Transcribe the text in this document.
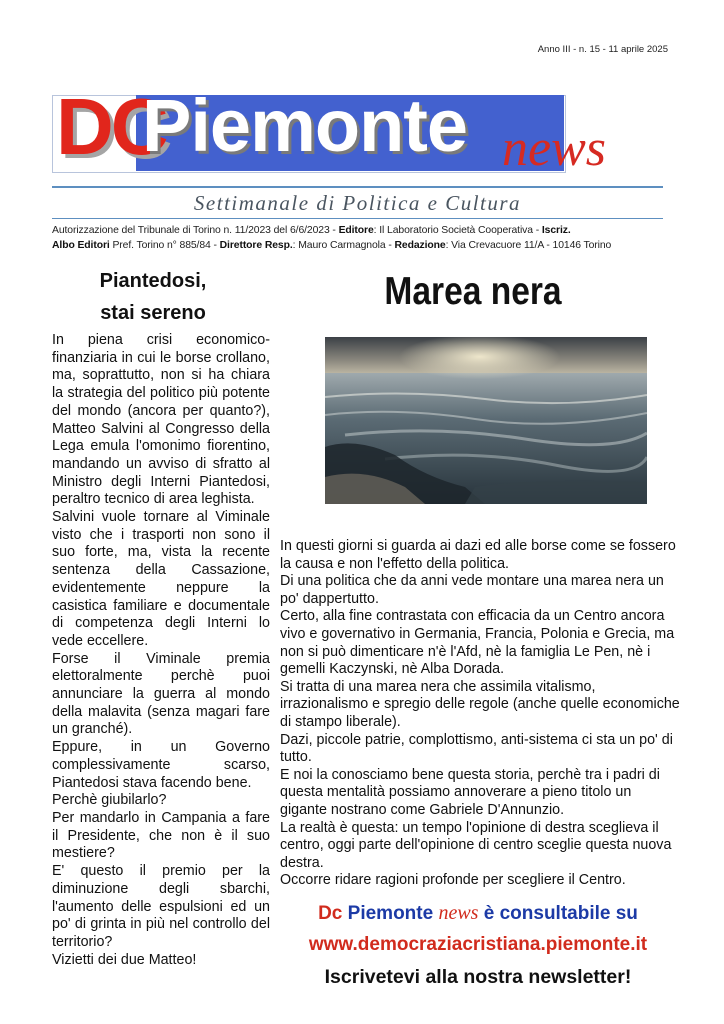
Anno III - n. 15 - 11 aprile 2025
DC
Piemonte news
Settimanale di Politica e Cultura
Autorizzazione del Tribunale di Torino n. 11/2023 del 6/6/2023 - Editore: Il Laboratorio Società Cooperativa - Iscriz.
Albo Editori Pref. Torino n° 885/84 - Direttore Resp.: Mauro Carmagnola - Redazione: Via Crevacuore 11/A - 10146 Torino
Piantedosi,
stai sereno

In piena crisi economico-finanziaria in cui le borse crollano, ma, soprattutto, non si ha chiara la strategia del politico più potente del mondo (ancora per quanto?), Matteo Salvini al Congresso della Lega emula l'omonimo fiorentino, mandando un avviso di sfratto al Ministro degli Interni Piantedosi, peraltro tecnico di area leghista.

Salvini vuole tornare al Viminale visto che i trasporti non sono il suo forte, ma, vista la recente sentenza della Cassazione, evidentemente neppure la casistica familiare e documentale di competenza degli Interni lo vede eccellere.

Forse il Viminale premia elettoralmente perchè puoi annunciare la guerra al mondo della malavita (senza magari fare un granché).

Eppure, in un Governo complessivamente scarso, Piantedosi stava facendo bene.

Perchè giubilarlo?

Per mandarlo in Campania a fare il Presidente, che non è il suo mestiere?

E' questo il premio per la diminuzione degli sbarchi, l'aumento delle espulsioni ed un po' di grinta in più nel controllo del territorio?

Vizietti dei due Matteo!

Marea nera

In questi giorni si guarda ai dazi ed alle borse come se fossero la causa e non l'effetto della politica.

Di una politica che da anni vede montare una marea nera un po' dappertutto.

Certo, alla fine contrastata con efficacia da un Centro ancora vivo e governativo in Germania, Francia, Polonia e Grecia, ma non si può dimenticare n'è l'Afd, nè la famiglia Le Pen, nè i gemelli Kaczynski, nè Alba Dorada.

Si tratta di una marea nera che assimila vitalismo, irrazionalismo e spregio delle regole (anche quelle economiche di stampo liberale).

Dazi, piccole patrie, complottismo, anti-sistema ci sta un po' di tutto.

E noi la conosciamo bene questa storia, perchè tra i padri di questa mentalità possiamo annoverare a pieno titolo un gigante nostrano come Gabriele D'Annunzio.

La realtà è questa: un tempo l'opinione di destra sceglieva il centro, oggi parte dell'opinione di centro sceglie questa nuova destra.

Occorre ridare ragioni profonde per scegliere il Centro.

Dc Piemonte news è consultabile su
www.democraziacristiana.piemonte.it
Iscrivetevi alla nostra newsletter!
